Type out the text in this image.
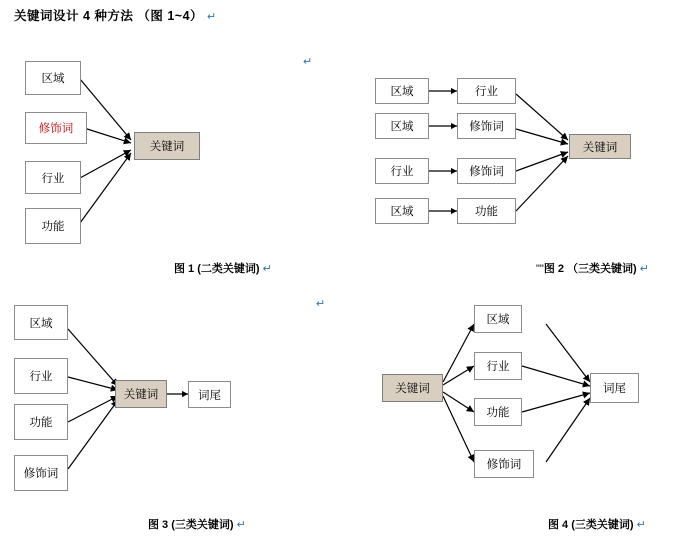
关键词设计 4 种方法 （图 1~4） ↵
↵
↵
区域
修饰词
行业
功能
关键词
图 1 (二类关键词) ↵
区域	行业
区域	修饰词
行业	修饰词
区域	功能
关键词
""图 2 （三类关键词) ↵
区域
行业
功能
修饰词
关键词	词尾
图 3 (三类关键词) ↵
关键词
区域
行业
功能
修饰词
词尾
图 4 (三类关键词) ↵
